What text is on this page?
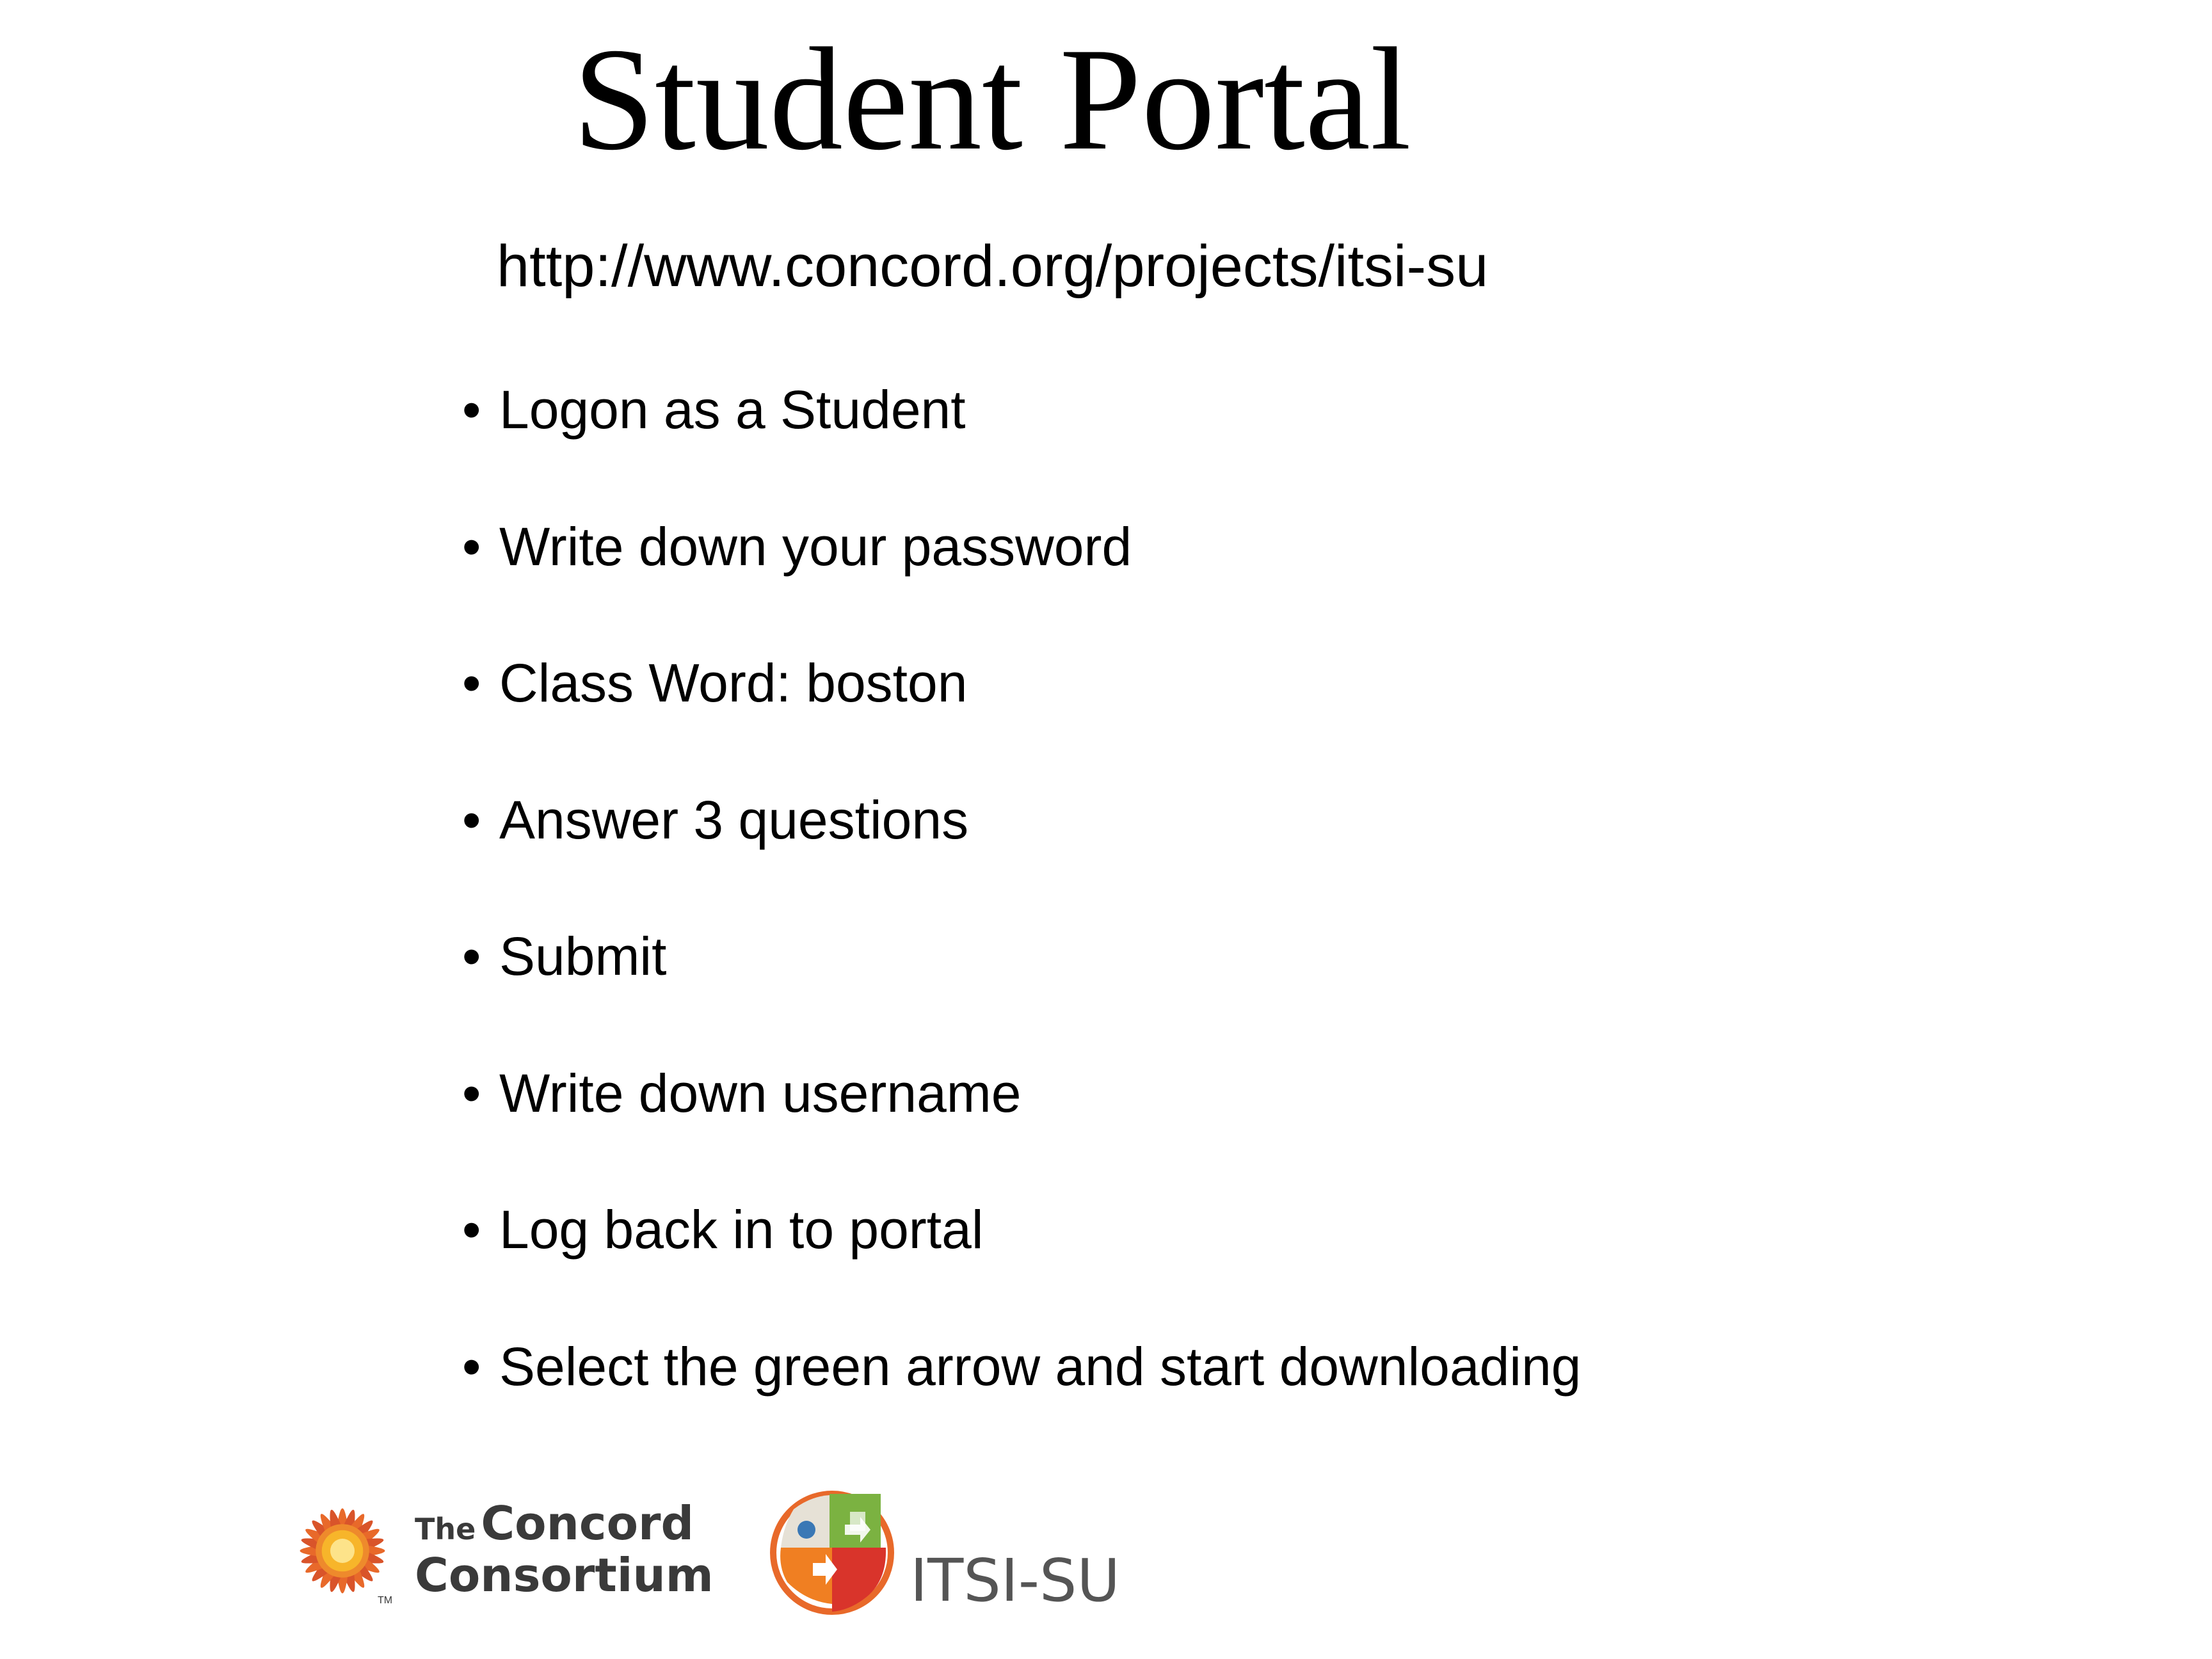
Student Portal
http://www.concord.org/projects/itsi-su
• Logon as a Student
• Write down your password
• Class Word: boston
• Answer 3 questions
• Submit
• Write down username
• Log back in to portal
• Select the green arrow and start downloading
TM
The Concord
Consortium	ITSI-SU
